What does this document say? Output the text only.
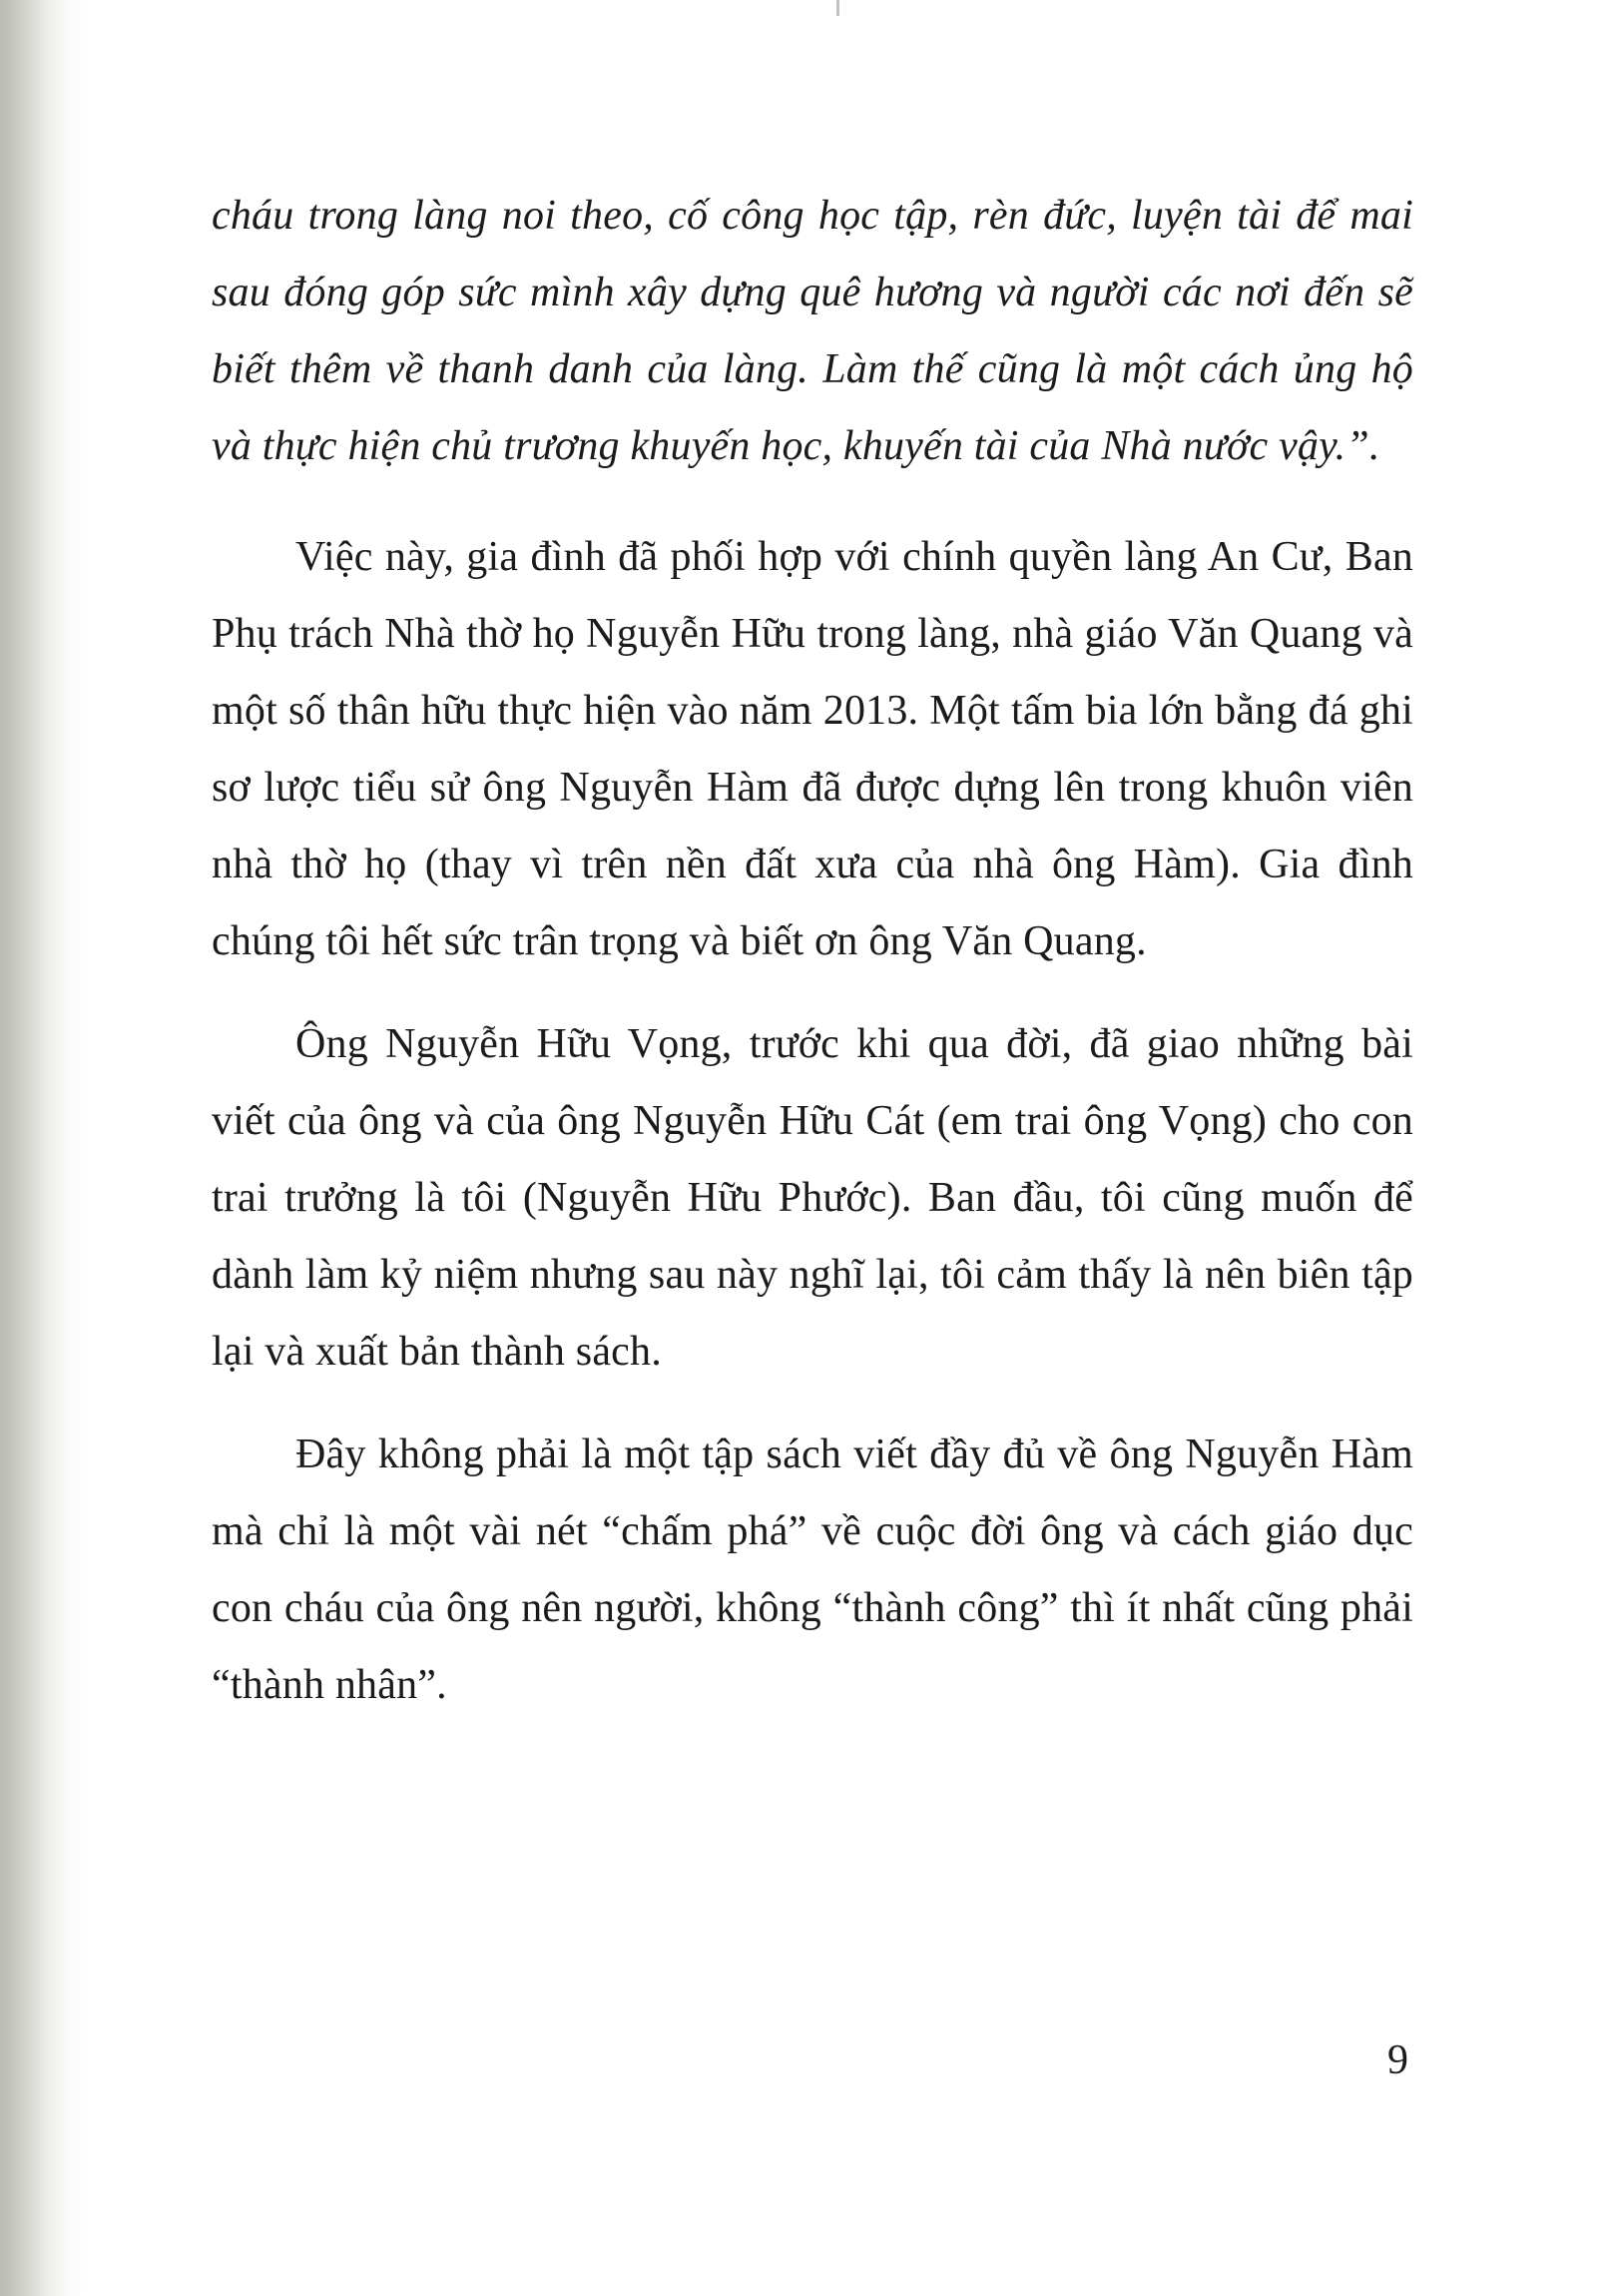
cháu trong làng noi theo, cố công học tập, rèn đức, luyện tài để mai sau đóng góp sức mình xây dựng quê hương và người các nơi đến sẽ biết thêm về thanh danh của làng. Làm thế cũng là một cách ủng hộ và thực hiện chủ trương khuyến học, khuyến tài của Nhà nước vậy.”.

Việc này, gia đình đã phối hợp với chính quyền làng An Cư, Ban Phụ trách Nhà thờ họ Nguyễn Hữu trong làng, nhà giáo Văn Quang và một số thân hữu thực hiện vào năm 2013. Một tấm bia lớn bằng đá ghi sơ lược tiểu sử ông Nguyễn Hàm đã được dựng lên trong khuôn viên nhà thờ họ (thay vì trên nền đất xưa của nhà ông Hàm). Gia đình chúng tôi hết sức trân trọng và biết ơn ông Văn Quang.

Ông Nguyễn Hữu Vọng, trước khi qua đời, đã giao những bài viết của ông và của ông Nguyễn Hữu Cát (em trai ông Vọng) cho con trai trưởng là tôi (Nguyễn Hữu Phước). Ban đầu, tôi cũng muốn để dành làm kỷ niệm nhưng sau này nghĩ lại, tôi cảm thấy là nên biên tập lại và xuất bản thành sách.

Đây không phải là một tập sách viết đầy đủ về ông Nguyễn Hàm mà chỉ là một vài nét “chấm phá” về cuộc đời ông và cách giáo dục con cháu của ông nên người, không “thành công” thì ít nhất cũng phải “thành nhân”.

9
